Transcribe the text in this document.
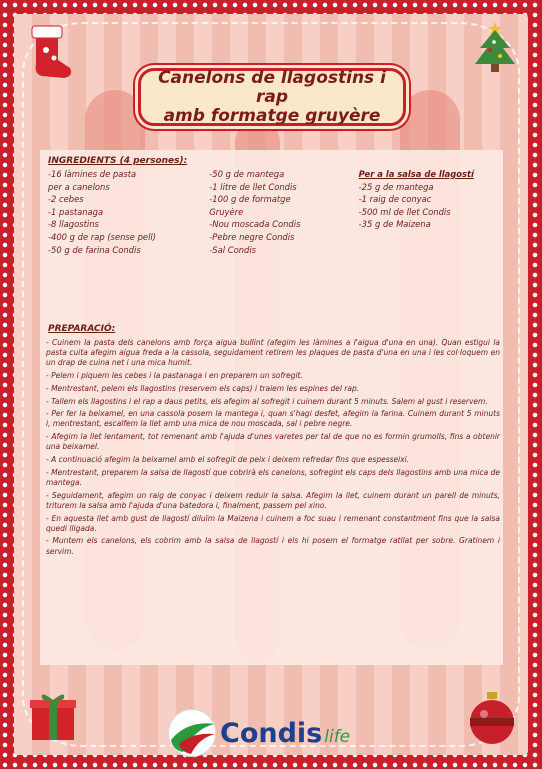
Canelons de llagostins i rap
amb formatge gruyère
INGREDIENTS (4 persones):
-16 làmines de pasta
per a canelons
-2 cebes
-1 pastanaga
-8 llagostins
-400 g de rap (sense pell)
-50 g de farina Condis
-50 g de mantega
-1 litre de llet Condis
-100 g de formatge
Gruyère
-Nou moscada Condis
-Pebre negre Condis
-Sal Condis
Per a la salsa de llagostí
-25 g de mantega
-1 raig de conyac
-500 ml de llet Condis
-35 g de Maizena
PREPARACIÓ:

- Cuinem la pasta dels canelons amb força aigua bullint (afegim les làmines a l'aigua d'una en una). Quan estigui la pasta cuita afegim aigua freda a la cassola, seguidament retirem les plaques de pasta d'una en una i les col·loquem en un drap de cuina net i una mica humit.

- Pelem i piquem les cebes i la pastanaga i en preparem un sofregit.

- Mentrestant, pelem els llagostins (reservem els caps) i traiem les espines del rap.

- Tallem els llagostins i el rap a daus petits, els afegim al sofregit i cuinem durant 5 minuts. Salem al gust i reservem.

- Per fer la beixamel, en una cassola posem la mantega i, quan s'hagi desfet, afegim la farina. Cuinem durant 5 minuts i, mentrestant, escalfem la llet amb una mica de nou moscada, sal i pebre negre.

- Afegim la llet lentament, tot remenant amb l'ajuda d'unes varetes per tal de que no es formin grumolls, fins a obtenir una beixamel.

- A continuació afegim la beixamel amb el sofregit de peix i deixem refredar fins que espesseixi.

- Mentrestant, preparem la salsa de llagostí que cobrirà els canelons, sofregint els caps dels llagostins amb una mica de mantega.

- Seguidament, afegim un raig de conyac i deixem reduir la salsa. Afegim la llet, cuinem durant un parell de minuts, triturem la salsa amb l'ajuda d'una batedora i, finalment, passem pel xino.

- En aquesta llet amb gust de llagostí diluïm la Maizena i cuinem a foc suau i remenant constantment fins que la salsa quedi lligada.

- Muntem els canelons, els cobrim amb la salsa de llagostí i els hi posem el formatge ratllat per sobre. Gratinem i servim.

Condis life
